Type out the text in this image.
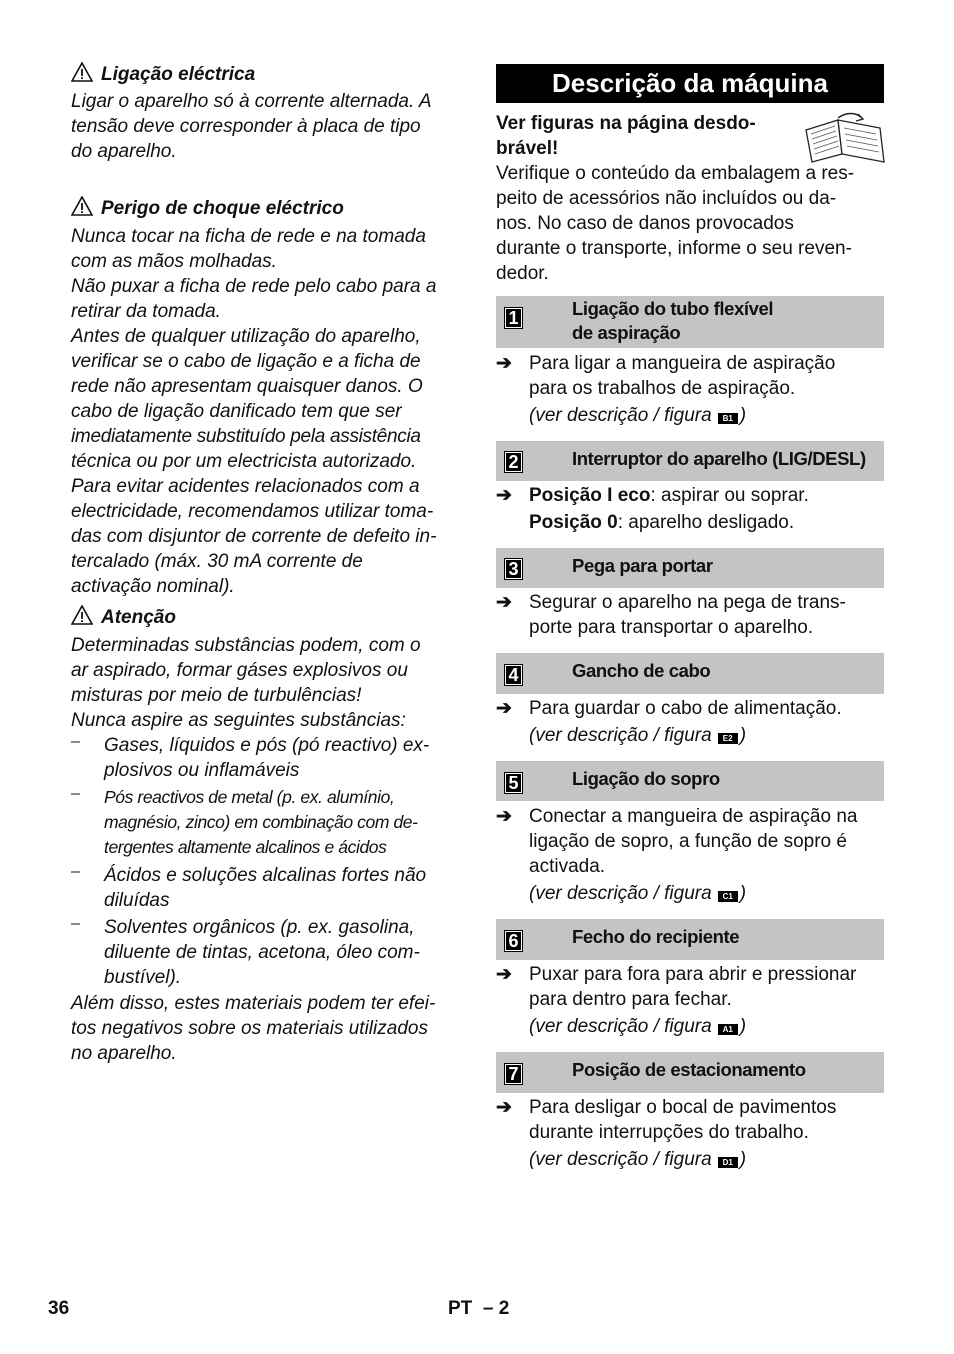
Ligação eléctrica

Ligar o aparelho só à corrente alternada. A

tensão deve corresponder à placa de tipo

do aparelho.

Perigo de choque eléctrico

Nunca tocar na ficha de rede e na tomada

com as mãos molhadas.

Não puxar a ficha de rede pelo cabo para a

retirar da tomada.

Antes de qualquer utilização do aparelho,

verificar se o cabo de ligação e a ficha de

rede não apresentam quaisquer danos. O

cabo de ligação danificado tem que ser

imediatamente substituído pela assistência

técnica ou por um electricista autorizado.

Para evitar acidentes relacionados com a

electricidade, recomendamos utilizar toma-

das com disjuntor de corrente de defeito in-

tercalado (máx. 30 mA corrente de

activação nominal).

Atenção

Determinadas substâncias podem, com o

ar aspirado, formar gáses explosivos ou

misturas por meio de turbulências!

Nunca aspire as seguintes substâncias:

– Gases, líquidos e pós (pó reactivo) ex-

plosivos ou inflamáveis

– Pós reactivos de metal (p. ex. alumínio,

magnésio, zinco) em combinação com de-

tergentes altamente alcalinos e ácidos

– Ácidos e soluções alcalinas fortes não

diluídas

– Solventes orgânicos (p. ex. gasolina,

diluente de tintas, acetona, óleo com-

bustível).

Além disso, estes materiais podem ter efei-

tos negativos sobre os materiais utilizados

no aparelho.

Descrição da máquina
Ver figuras na página desdo-
brável!
Verifique o conteúdo da embalagem a res-
peito de acessórios não incluídos ou da-
nos. No caso de danos provocados
durante o transporte, informe o seu reven-
dedor.
1	Ligação do tubo flexível
de aspiração
➔ Para ligar a mangueira de aspiração
para os trabalhos de aspiração.
(ver descrição / figura B1 )
2	Interruptor do aparelho (LIG/DESL)
➔ Posição I eco: aspirar ou soprar.
Posição 0: aparelho desligado.
3	Pega para portar
➔ Segurar o aparelho na pega de trans-
porte para transportar o aparelho.
4	Gancho de cabo
➔ Para guardar o cabo de alimentação.
(ver descrição / figura E2 )
5	Ligação do sopro
➔ Conectar a mangueira de aspiração na
ligação de sopro, a função de sopro é
activada.
(ver descrição / figura C1 )
6	Fecho do recipiente
➔ Puxar para fora para abrir e pressionar
para dentro para fechar.
(ver descrição / figura A1 )
7	Posição de estacionamento
➔ Para desligar o bocal de pavimentos
durante interrupções do trabalho.
(ver descrição / figura D1 )
36	PT – 2
